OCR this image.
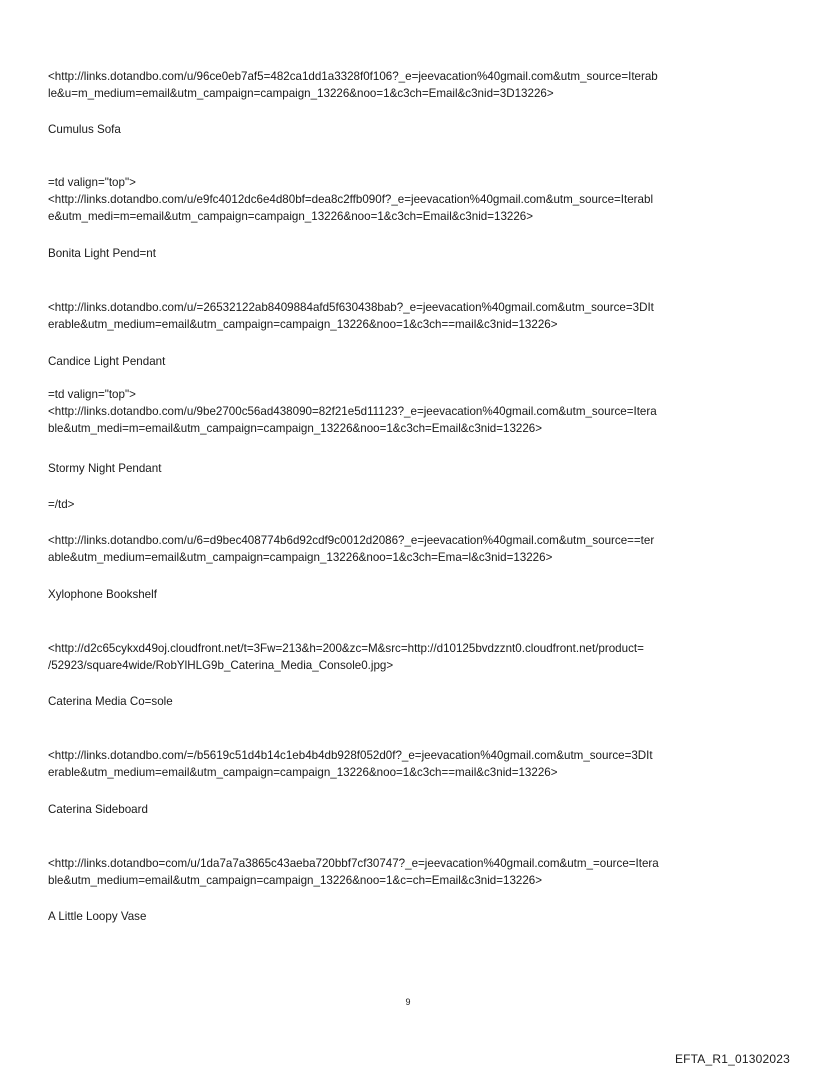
<http://links.dotandbo.com/u/96ce0eb7af5=482ca1dd1a3328f0f106?_e=jeevacation%40gmail.com&utm_source=Iterab
le&u=m_medium=email&utm_campaign=campaign_13226&noo=1&c3ch=Email&c3nid=3D13226>
Cumulus Sofa
=td valign="top">
<http://links.dotandbo.com/u/e9fc4012dc6e4d80bf=dea8c2ffb090f?_e=jeevacation%40gmail.com&utm_source=Iterabl
e&utm_medi=m=email&utm_campaign=campaign_13226&noo=1&c3ch=Email&c3nid=13226>
Bonita Light Pend=nt
<http://links.dotandbo.com/u/=26532122ab8409884afd5f630438bab?_e=jeevacation%40gmail.com&utm_source=3DIt
erable&utm_medium=email&utm_campaign=campaign_13226&noo=1&c3ch==mail&c3nid=13226>
Candice Light Pendant
=td valign="top">
<http://links.dotandbo.com/u/9be2700c56ad438090=82f21e5d11123?_e=jeevacation%40gmail.com&utm_source=Itera
ble&utm_medi=m=email&utm_campaign=campaign_13226&noo=1&c3ch=Email&c3nid=13226>
Stormy Night Pendant
=/td>
<http://links.dotandbo.com/u/6=d9bec408774b6d92cdf9c0012d2086?_e=jeevacation%40gmail.com&utm_source==ter
able&utm_medium=email&utm_campaign=campaign_13226&noo=1&c3ch=Ema=l&c3nid=13226>
Xylophone Bookshelf
<http://d2c65cykxd49oj.cloudfront.net/t=3Fw=213&h=200&zc=M&src=http://d10125bvdzznt0.cloudfront.net/product=
/52923/square4wide/RobYlHLG9b_Caterina_Media_Console0.jpg>
Caterina Media Co=sole
<http://links.dotandbo.com/=/b5619c51d4b14c1eb4b4db928f052d0f?_e=jeevacation%40gmail.com&utm_source=3DIt
erable&utm_medium=email&utm_campaign=campaign_13226&noo=1&c3ch==mail&c3nid=13226>
Caterina Sideboard
<http://links.dotandbo=com/u/1da7a7a3865c43aeba720bbf7cf30747?_e=jeevacation%40gmail.com&utm_=ource=Itera
ble&utm_medium=email&utm_campaign=campaign_13226&noo=1&c=ch=Email&c3nid=13226>
A Little Loopy Vase
9
EFTA_R1_01302023
